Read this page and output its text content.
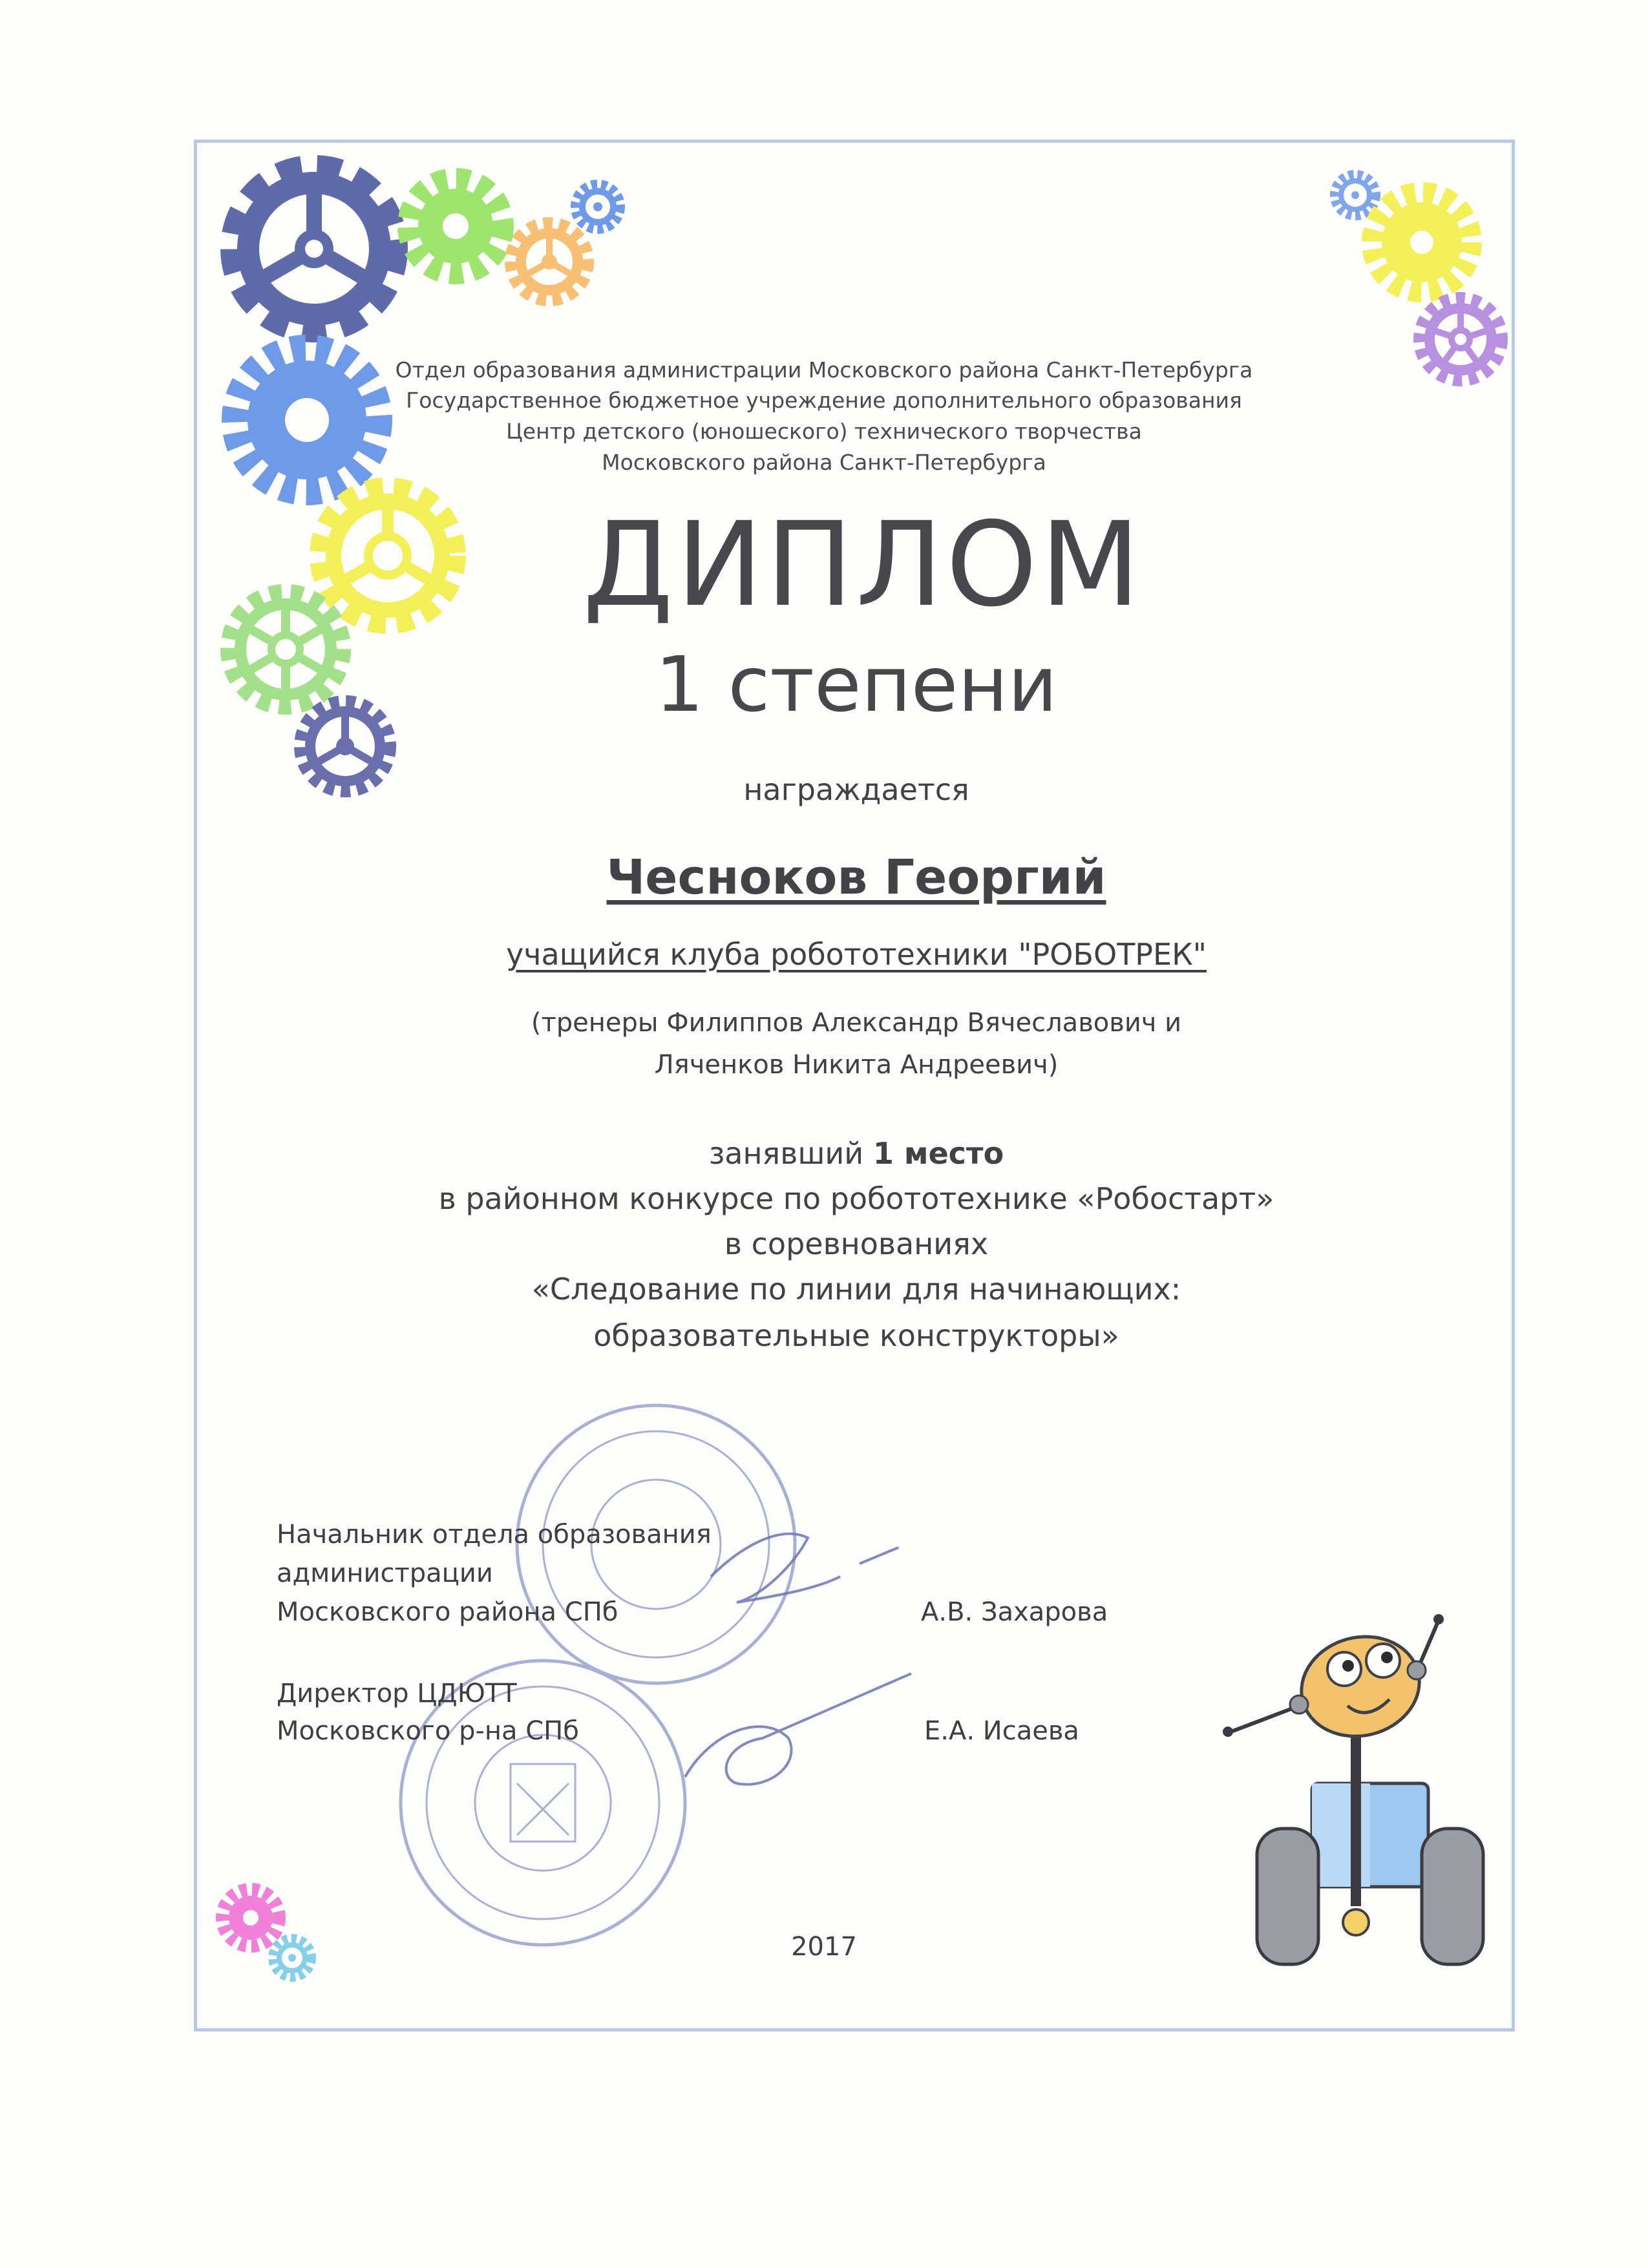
Отдел образования администрации Московского района Санкт-Петербурга
Государственное бюджетное учреждение дополнительного образования
Центр детского (юношеского) технического творчества
Московского района Санкт-Петербурга
ДИПЛОМ
1 степени
награждается
Чесноков Георгий
учащийся клуба робототехники "РОБОТРЕК"
(тренеры Филиппов Александр Вячеславович и
Ляченков Никита Андреевич)
занявший 1 место
в районном конкурсе по робототехнике «Робостарт»
в соревнованиях
«Следование по линии для начинающих:
образовательные конструкторы»
Начальник отдела образования
администрации
Московского района СПб	А.В. Захарова
Директор ЦДЮТТ
Московского р-на СПб	Е.А. Исаева
2017
